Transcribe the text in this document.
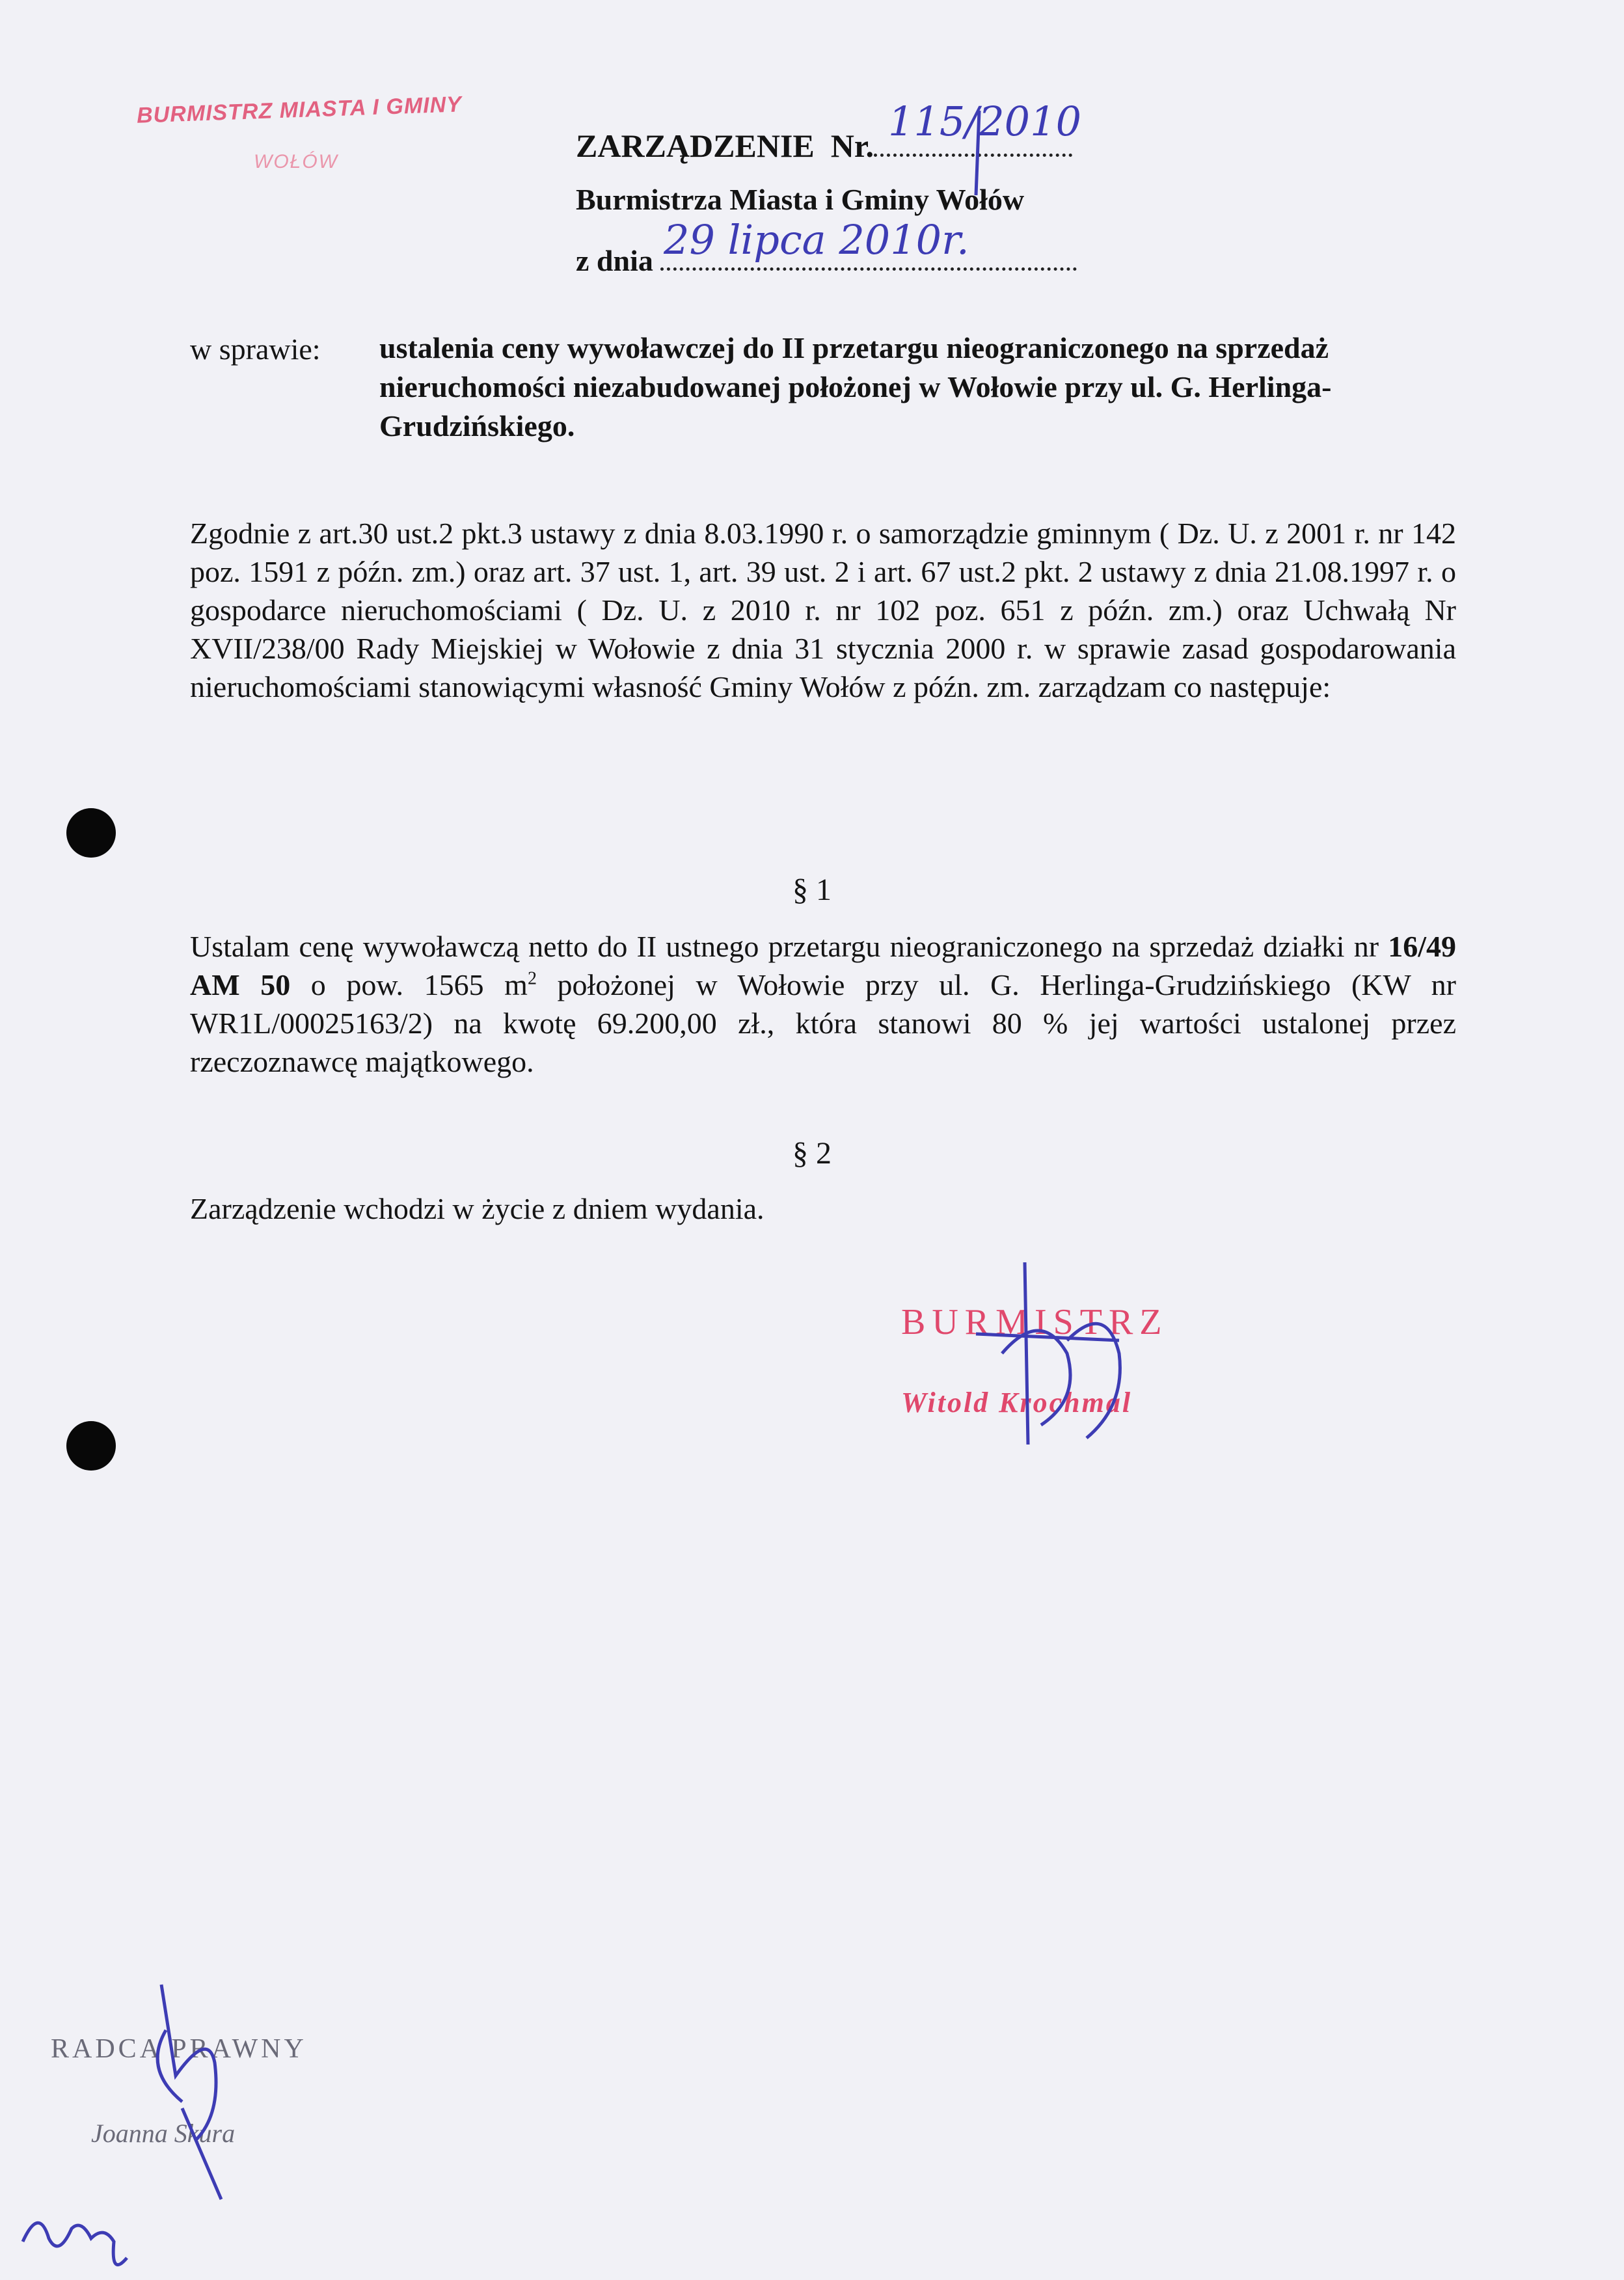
BURMISTRZ MIASTA I GMINY
WOŁÓW	ZARZĄDZENIE Nr.
115/2010
Burmistrza Miasta i Gminy Wołów
z dnia 29 lipca 2010r.
w sprawie: ustalenia ceny wywoławczej do II przetargu nieograniczonego na sprzedaż nieruchomości niezabudowanej położonej w Wołowie przy ul. G. Herlinga-Grudzińskiego.
Zgodnie z art.30 ust.2 pkt.3 ustawy z dnia 8.03.1990 r. o samorządzie gminnym ( Dz. U. z 2001 r. nr 142 poz. 1591 z późn. zm.) oraz art. 37 ust. 1, art. 39 ust. 2 i art. 67 ust.2 pkt. 2 ustawy z dnia 21.08.1997 r. o gospodarce nieruchomościami ( Dz. U. z 2010 r. nr 102 poz. 651 z późn. zm.) oraz Uchwałą Nr XVII/238/00 Rady Miejskiej w Wołowie z dnia 31 stycznia 2000 r. w sprawie zasad gospodarowania nieruchomościami stanowiącymi własność Gminy Wołów z późn. zm. zarządzam co następuje:
§ 1
Ustalam cenę wywoławczą netto do II ustnego przetargu nieograniczonego na sprzedaż działki nr 16/49 AM 50 o pow. 1565 $m^2$ położonej w Wołowie przy ul. G. Herlinga-Grudzińskiego (KW nr WR1L/00025163/2) na kwotę 69.200,00 zł., która stanowi 80 % jej wartości ustalonej przez rzeczoznawcę majątkowego.
§ 2
Zarządzenie wchodzi w życie z dniem wydania.
BURMISTRZ
Witold Krochmal
RADCA PRAWNY
Joanna Skura
